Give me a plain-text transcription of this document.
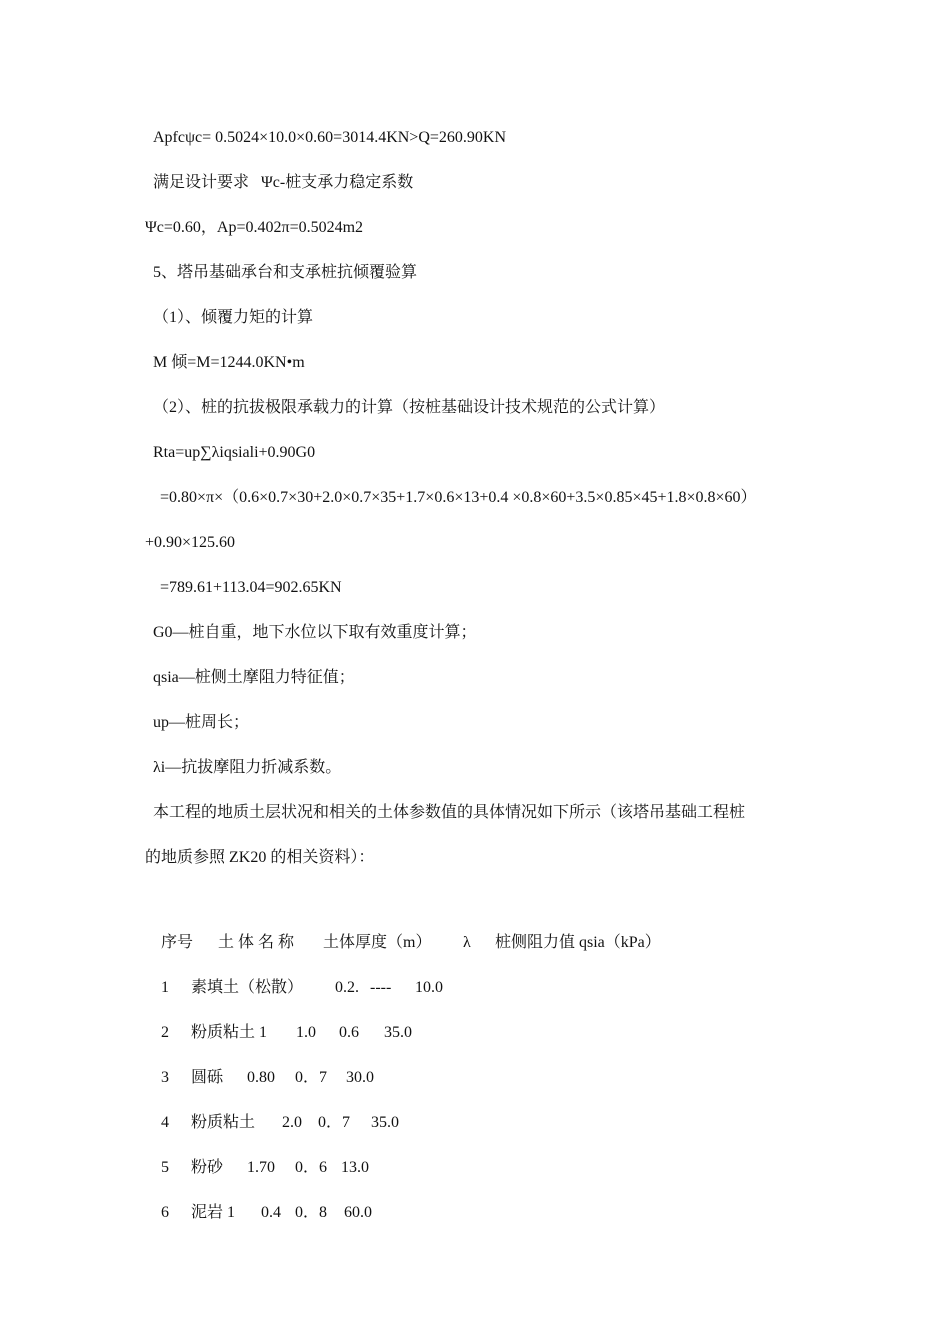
Apfcψc= 0.5024×10.0×0.60=3014.4KN>Q=260.90KN
满足设计要求   Ψc-桩支承力稳定系数
Ψc=0.60，Ap=0.402π=0.5024m2
5、塔吊基础承台和支承桩抗倾覆验算
（1）、倾覆力矩的计算
M 倾=M=1244.0KN•m
（2）、桩的抗拔极限承载力的计算（按桩基础设计技术规范的公式计算）
Rta=up∑λiqsiali+0.90G0
=0.80×π×（0.6×0.7×30+2.0×0.7×35+1.7×0.6×13+0.4 ×0.8×60+3.5×0.85×45+1.8×0.8×60）
+0.90×125.60
=789.61+113.04=902.65KN
G0—桩自重，地下水位以下取有效重度计算；
qsia—桩侧土摩阻力特征值；
up—桩周长；
λi—抗拔摩阻力折减系数。
本工程的地质土层状况和相关的土体参数值的具体情况如下所示（该塔吊基础工程桩
的地质参照 ZK20 的相关资料）：

序号 土 体 名 称 土体厚度（m） λ 桩侧阻力值 qsia（kPa）

1 素填土（松散） 0.2. ---- 10.0

2 粉质粘土 1 1.0 0.6 35.0

3 圆砾 0.80 0．7 30.0

4 粉质粘土 2.0 0．7 35.0

5 粉砂 1.70 0．6 13.0

6 泥岩 1 0.4 0．8 60.0
